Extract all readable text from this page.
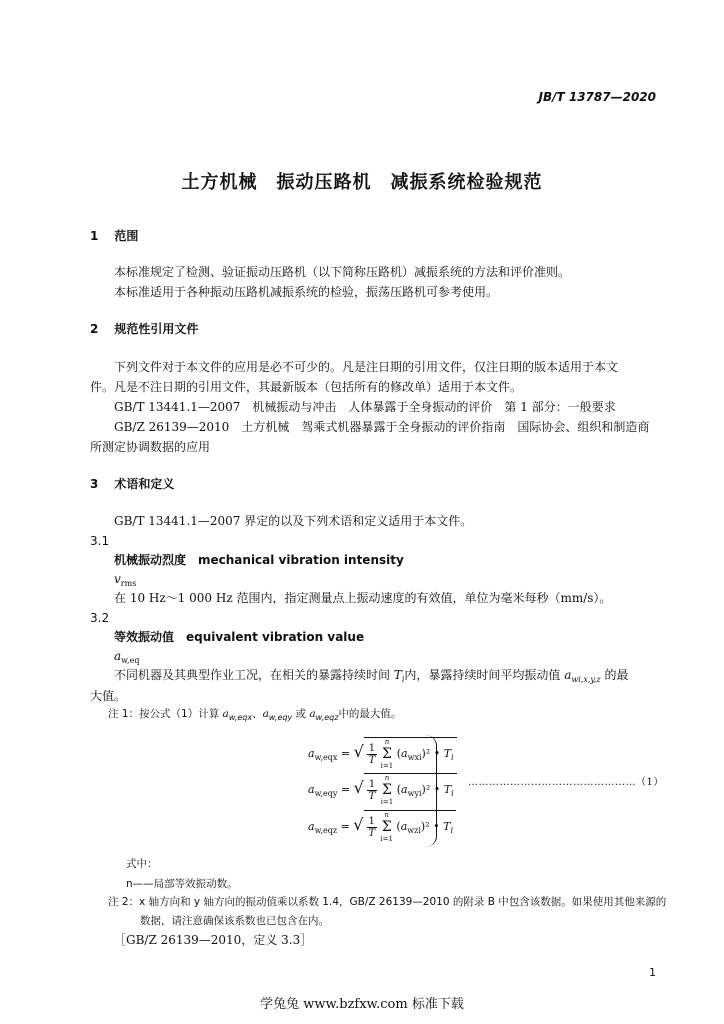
JB/T 13787—2020
土方机械　振动压路机　减振系统检验规范
1 范围
本标准规定了检测、验证振动压路机（以下简称压路机）减振系统的方法和评价准则。
本标准适用于各种振动压路机减振系统的检验，振荡压路机可参考使用。
2 规范性引用文件
下列文件对于本文件的应用是必不可少的。凡是注日期的引用文件，仅注日期的版本适用于本文
件。凡是不注日期的引用文件，其最新版本（包括所有的修改单）适用于本文件。
GB/T 13441.1—2007　机械振动与冲击　人体暴露于全身振动的评价　第 1 部分：一般要求
GB/Z 26139—2010　土方机械　驾乘式机器暴露于全身振动的评价指南　国际协会、组织和制造商
所测定协调数据的应用
3 术语和定义
GB/T 13441.1—2007 界定的以及下列术语和定义适用于本文件。
3.1
机械振动烈度　mechanical vibration intensity
$v_{rms}$
在 10 Hz～1 000 Hz 范围内，指定测量点上振动速度的有效值，单位为毫米每秒（mm/s）。
3.2
等效振动值　equivalent vibration value
$a_{w,eq}$
不同机器及其典型作业工况，在相关的暴露持续时间 $T_i$内，暴露持续时间平均振动值 $a_{wi,x,y,z}$ 的最
大值。
注 1：按公式（1）计算 $a_{w,eqx}$、$a_{w,eqy}$ 或 $a_{w,eqz}$中的最大值。
$a_{w,eqx}$ = √ $\frac{1}{T}$

n
Σ
i=1
$(a_{wxi})^2$ • $T_i$
$a_{w,eqy}$ = √ $\frac{1}{T}$

n
Σ
i=1
$(a_{wyi})^2$ • $T_i$
$a_{w,eqz}$ = √ $\frac{1}{T}$

n
Σ
i=1
$(a_{wzi})^2$ • $T_i$
…………………………………………（1）
式中：
n——局部等效振动数。
注 2：x 轴方向和 y 轴方向的振动值乘以系数 1.4，GB/Z 26139—2010 的附录 B 中包含该数据。如果使用其他来源的
数据，请注意确保该系数也已包含在内。
［GB/Z 26139—2010，定义 3.3］
1
学兔兔 www.bzfxw.com 标准下载
